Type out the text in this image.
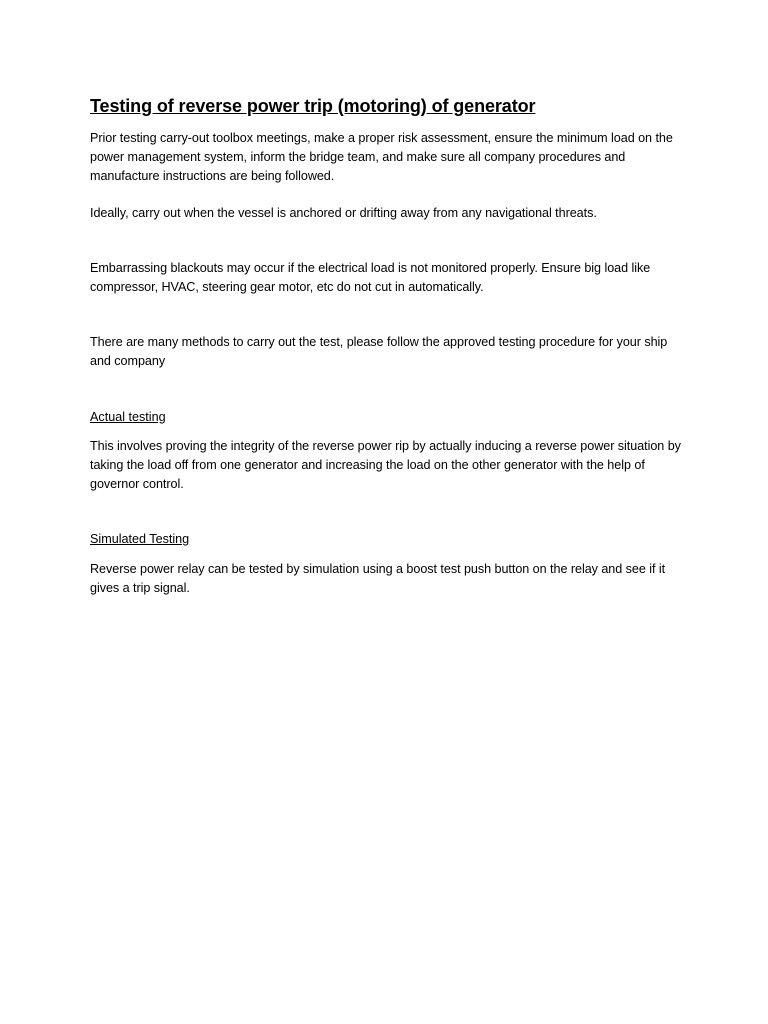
Testing of reverse power trip (motoring) of generator

Prior testing carry-out toolbox meetings, make a proper risk assessment, ensure the minimum load on the power management system, inform the bridge team, and make sure all company procedures and manufacture instructions are being followed.

Ideally, carry out when the vessel is anchored or drifting away from any navigational threats.

Embarrassing blackouts may occur if the electrical load is not monitored properly. Ensure big load like compressor, HVAC, steering gear motor, etc do not cut in automatically.

There are many methods to carry out the test, please follow the approved testing procedure for your ship and company

Actual testing

This involves proving the integrity of the reverse power rip by actually inducing a reverse power situation by taking the load off from one generator and increasing the load on the other generator with the help of governor control.

Simulated Testing

Reverse power relay can be tested by simulation using a boost test push button on the relay and see if it gives a trip signal.
